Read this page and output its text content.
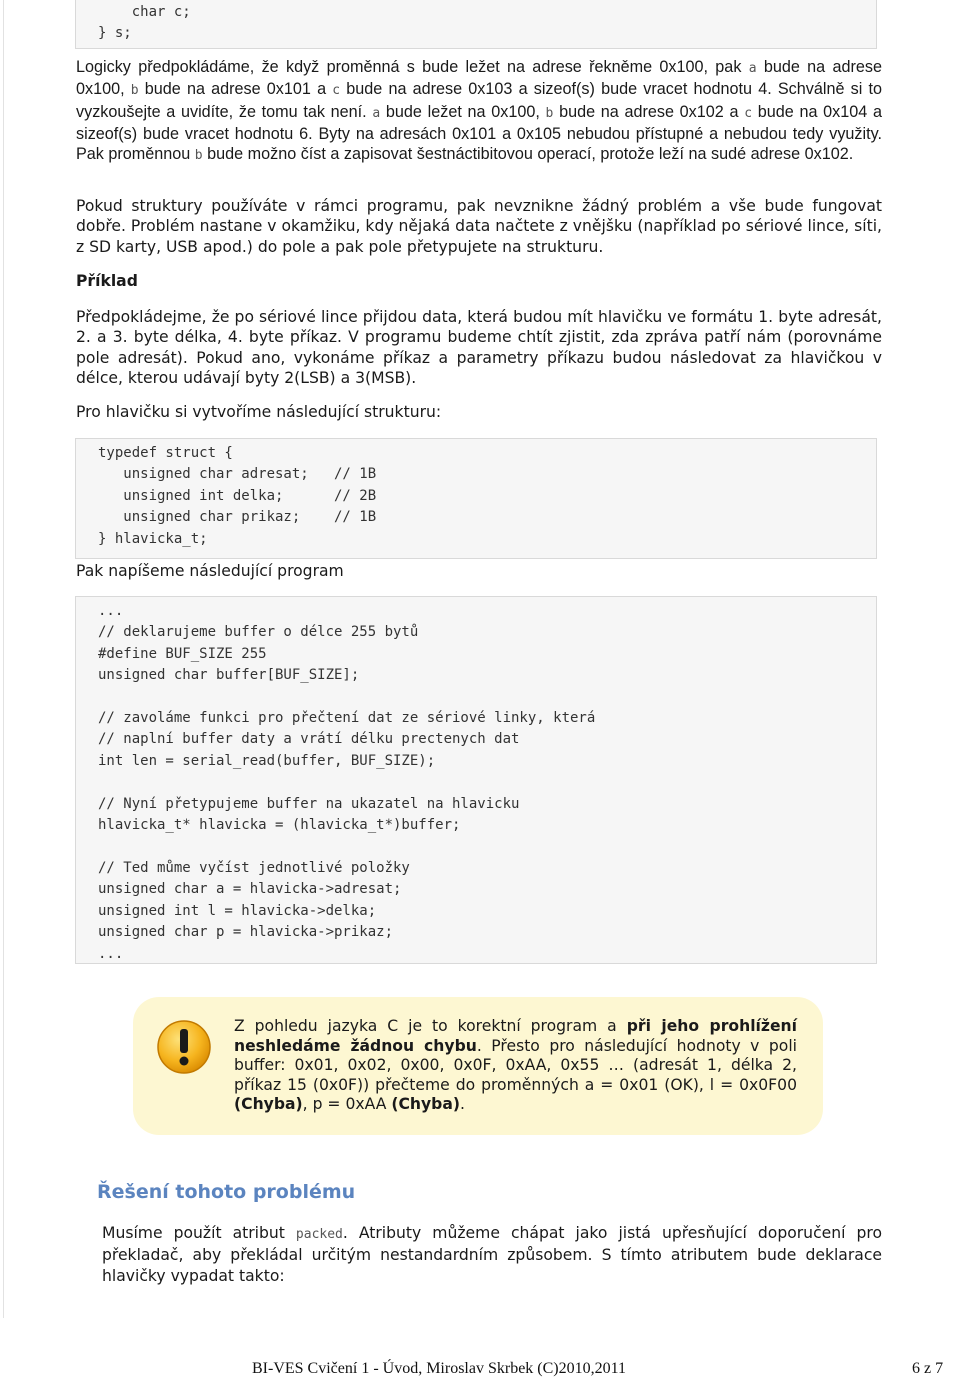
char c;
} s;

Logicky předpokládáme, že když proměnná s bude ležet na adrese řekněme 0x100, pak a bude na adrese 0x100, b bude na adrese 0x101 a c bude na adrese 0x103 a sizeof(s) bude vracet hodnotu 4. Schválně si to vyzkoušejte a uvidíte, že tomu tak není. a bude ležet na 0x100, b bude na adrese 0x102 a c bude na 0x104 a sizeof(s) bude vracet hodnotu 6. Byty na adresách 0x101 a 0x105 nebudou přístupné a nebudou tedy využity. Pak proměnnou b bude možno číst a zapisovat šestnáctibitovou operací, protože leží na sudé adrese 0x102.

Pokud struktury používáte v rámci programu, pak nevznikne žádný problém a vše bude fungovat dobře. Problém nastane v okamžiku, kdy nějaká data načtete z vnějšku (například po sériové lince, síti, z SD karty, USB apod.) do pole a pak pole přetypujete na strukturu.

Příklad

Předpokládejme, že po sériové lince přijdou data, která budou mít hlavičku ve formátu 1. byte adresát, 2. a 3. byte délka, 4. byte příkaz. V programu budeme chtít zjistit, zda zpráva patří nám (porovnáme pole adresát). Pokud ano, vykonáme příkaz a parametry příkazu budou následovat za hlavičkou v délce, kterou udávají byty 2(LSB) a 3(MSB).

Pro hlavičku si vytvoříme následující strukturu:

typedef struct {
unsigned char adresat;   // 1B
unsigned int delka;      // 2B
unsigned char prikaz;    // 1B
} hlavicka_t;

Pak napíšeme následující program

...
// deklarujeme buffer o délce 255 bytů
#define BUF_SIZE 255
unsigned char buffer[BUF_SIZE];

// zavoláme funkci pro přečtení dat ze sériové linky, která
// naplní buffer daty a vrátí délku prectenych dat
int len = serial_read(buffer, BUF_SIZE);

// Nyní přetypujeme buffer na ukazatel na hlavicku
hlavicka_t* hlavicka = (hlavicka_t*)buffer;

// Ted můme vyčíst jednotlivé položky
unsigned char a = hlavicka->adresat;
unsigned int l = hlavicka->delka;
unsigned char p = hlavicka->prikaz;
...
Z pohledu jazyka C je to korektní program a při jeho prohlížení neshledáme žádnou chybu. Přesto pro následující hodnoty v poli buffer: 0x01, 0x02, 0x00, 0x0F, 0xAA, 0x55 … (adresát 1, délka 2, příkaz 15 (0x0F)) přečteme do proměnných a = 0x01 (OK), l = 0x0F00 (Chyba), p = 0xAA (Chyba).
Řešení tohoto problému

Musíme použít atribut packed. Atributy můžeme chápat jako jistá upřesňující doporučení pro překladač, aby překládal určitým nestandardním způsobem. S tímto atributem bude deklarace hlavičky vypadat takto:

BI-VES Cvičení 1 - Úvod, Miroslav Skrbek (C)2010,2011	6 z 7
